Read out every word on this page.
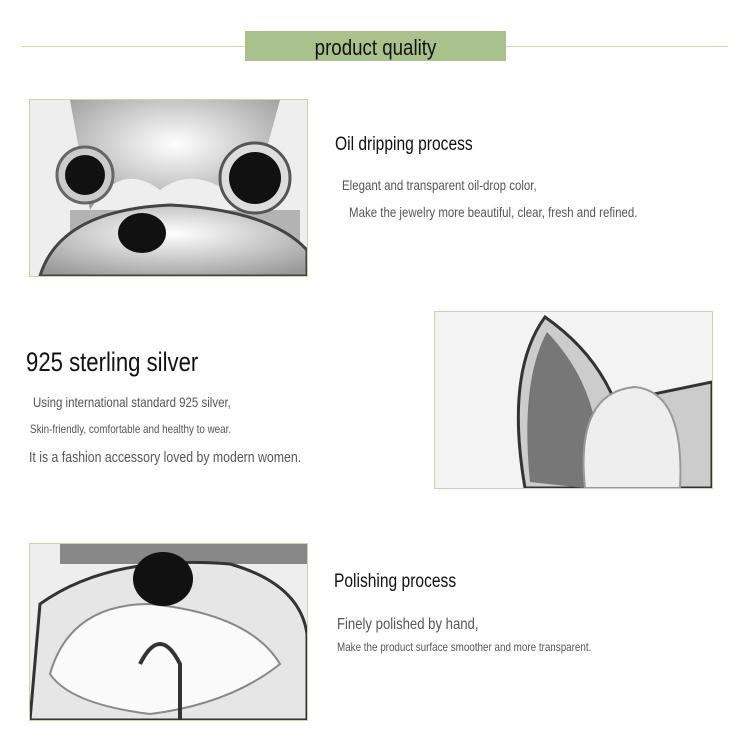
product quality
Oil dripping process
Elegant and transparent oil-drop color,
Make the jewelry more beautiful, clear, fresh and refined.
925 sterling silver
Using international standard 925 silver,
Skin-friendly, comfortable and healthy to wear.
It is a fashion accessory loved by modern women.
Polishing process
Finely polished by hand,
Make the product surface smoother and more transparent.
